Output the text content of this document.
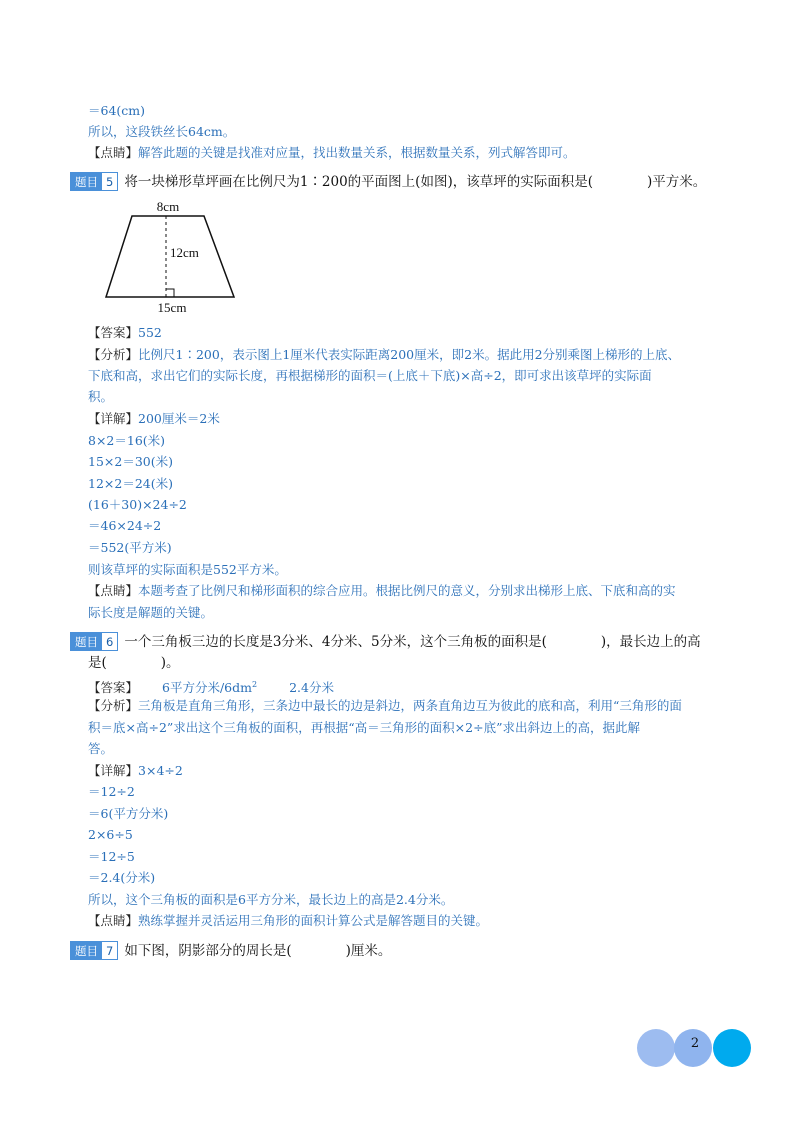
＝64(cm)
所以，这段铁丝长64cm。
【点睛】解答此题的关键是找准对应量，找出数量关系，根据数量关系，列式解答即可。
题目 5 将一块梯形草坪画在比例尺为1∶200的平面图上(如图)，该草坪的实际面积是(　　　　)平方米。
8cm
12cm
15cm
【答案】552
【分析】比例尺1∶200，表示图上1厘米代表实际距离200厘米，即2米。据此用2分别乘图上梯形的上底、
下底和高，求出它们的实际长度，再根据梯形的面积＝(上底＋下底)×高÷2，即可求出该草坪的实际面
积。
【详解】200厘米＝2米
8×2＝16(米)
15×2＝30(米)
12×2＝24(米)
(16＋30)×24÷2
＝46×24÷2
＝552(平方米)
则该草坪的实际面积是552平方米。
【点睛】本题考查了比例尺和梯形面积的综合应用。根据比例尺的意义，分别求出梯形上底、下底和高的实
际长度是解题的关键。
题目 6 一个三角板三边的长度是3分米、4分米、5分米，这个三角板的面积是(　　　　)，最长边上的高
是(　　　　)。
【答案】 6平方分米$/6dm^2$	2.4分米
【分析】三角板是直角三角形，三条边中最长的边是斜边，两条直角边互为彼此的底和高，利用“三角形的面
积＝底×高÷2”求出这个三角板的面积，再根据“高＝三角形的面积×2÷底”求出斜边上的高，据此解
答。
【详解】3×4÷2
＝12÷2
＝6(平方分米)
2×6÷5
＝12÷5
＝2.4(分米)
所以，这个三角板的面积是6平方分米，最长边上的高是2.4分米。
【点睛】熟练掌握并灵活运用三角形的面积计算公式是解答题目的关键。
题目 7 如下图，阴影部分的周长是(　　　　)厘米。
2
